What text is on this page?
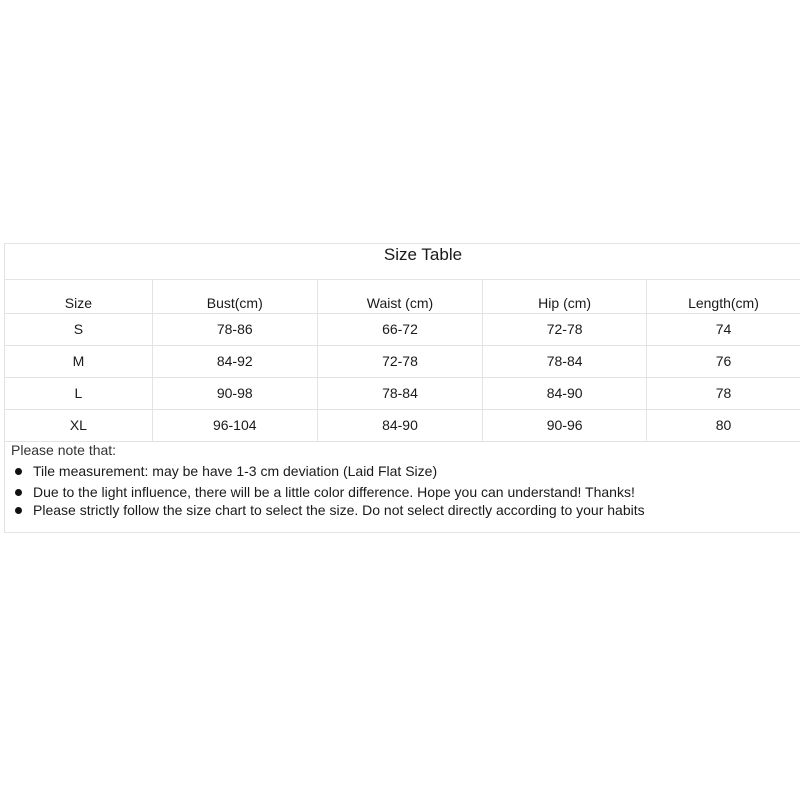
Size Table
Size	Bust(cm)	Waist (cm)	Hip (cm)	Length(cm)
S	78-86	66-72	72-78	74
M	84-92	72-78	78-84	76
L	90-98	78-84	84-90	78
XL	96-104	84-90	90-96	80
Please note that:
Tile measurement: may be have 1-3 cm deviation (Laid Flat Size)
Due to the light influence, there will be a little color difference. Hope you can understand! Thanks!
Please strictly follow the size chart to select the size. Do not select directly according to your habits
